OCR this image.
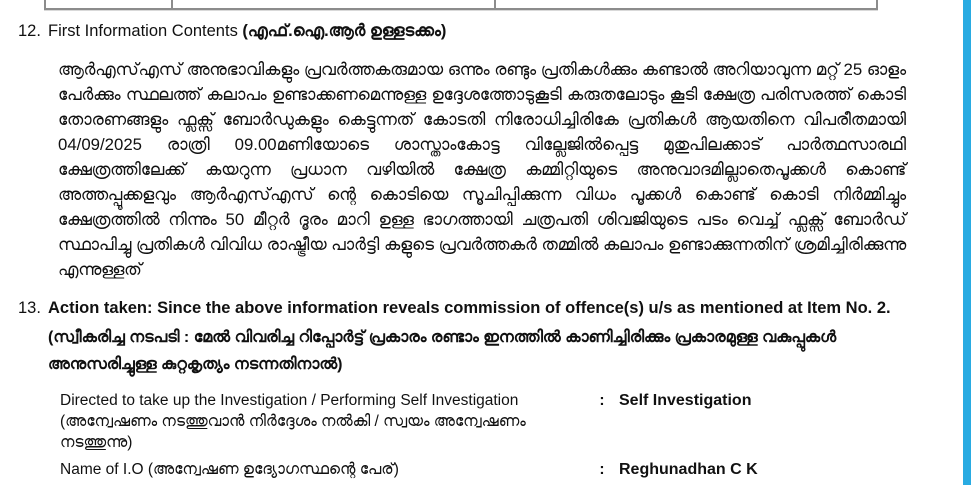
12. First Information Contents (എഫ്.ഐ.ആർ ഉള്ളടക്കം)

ആർഎസ്എസ് അനുഭാവികളും പ്രവർത്തകരുമായ ഒന്നും രണ്ടും പ്രതികൾക്കും കണ്ടാൽ അറിയാവുന്ന മറ്റ് 25 ഓളം പേർക്കും സ്ഥലത്ത് കലാപം ഉണ്ടാക്കണമെന്നുള്ള ഉദ്ദേശത്തോടുകൂടി കരുതലോടും കൂടി ക്ഷേത്ര പരിസരത്ത് കൊടി തോരണങ്ങളും ഫ്ലക്സ് ബോർഡുകളും കെട്ടുന്നത് കോടതി നിരോധിച്ചിരികേ പ്രതികൾ ആയതിനെ വിപരീതമായി 04/09/2025 രാത്രി 09.00മണിയോടെ ശാസ്താംകോട്ട വില്ലേജിൽപ്പെട്ട മുതുപിലക്കാട് പാർത്ഥസാരഥി ക്ഷേത്രത്തിലേക്ക് കയറുന്ന പ്രധാന വഴിയിൽ ക്ഷേത്ര കമ്മിറ്റിയുടെ അനുവാദമില്ലാതെപൂക്കൾ കൊണ്ട് അത്തപ്പൂക്കളവും ആർഎസ്എസ് ന്റെ കൊടിയെ സൂചിപ്പിക്കുന്ന വിധം പൂക്കൾ കൊണ്ട് കൊടി നിർമ്മിച്ചും ക്ഷേത്രത്തിൽ നിന്നും 50 മീറ്റർ ദൂരം മാറി ഉള്ള ഭാഗത്തായി ചത്രപതി ശിവജിയുടെ പടം വെച്ച് ഫ്ലക്സ് ബോർഡ് സ്ഥാപിച്ചു പ്രതികൾ വിവിധ രാഷ്ട്രീയ പാർട്ടി കളുടെ പ്രവർത്തകർ തമ്മിൽ കലാപം ഉണ്ടാക്കുന്നതിന് ശ്രമിച്ചിരിക്കുന്നു എന്നുള്ളത്

13. Action taken: Since the above information reveals commission of offence(s) u/s as mentioned at Item No. 2.
(സ്വീകരിച്ച നടപടി : മേൽ വിവരിച്ച റിപ്പോർട്ട് പ്രകാരം രണ്ടാം ഇനത്തിൽ കാണിച്ചിരിക്കും പ്രകാരമുള്ള വകുപ്പുകൾ അനുസരിച്ചുള്ള കുറ്റകൃത്യം നടന്നതിനാൽ)
Directed to take up the Investigation / Performing Self Investigation (അന്വേഷണം നടത്തുവാൻ നിർദ്ദേശം നൽകി / സ്വയം അന്വേഷണം നടത്തുന്നു)
: Self Investigation
Name of I.O (അന്വേഷണ ഉദ്യോഗസ്ഥന്റെ പേര്)	: Reghunadhan C K
